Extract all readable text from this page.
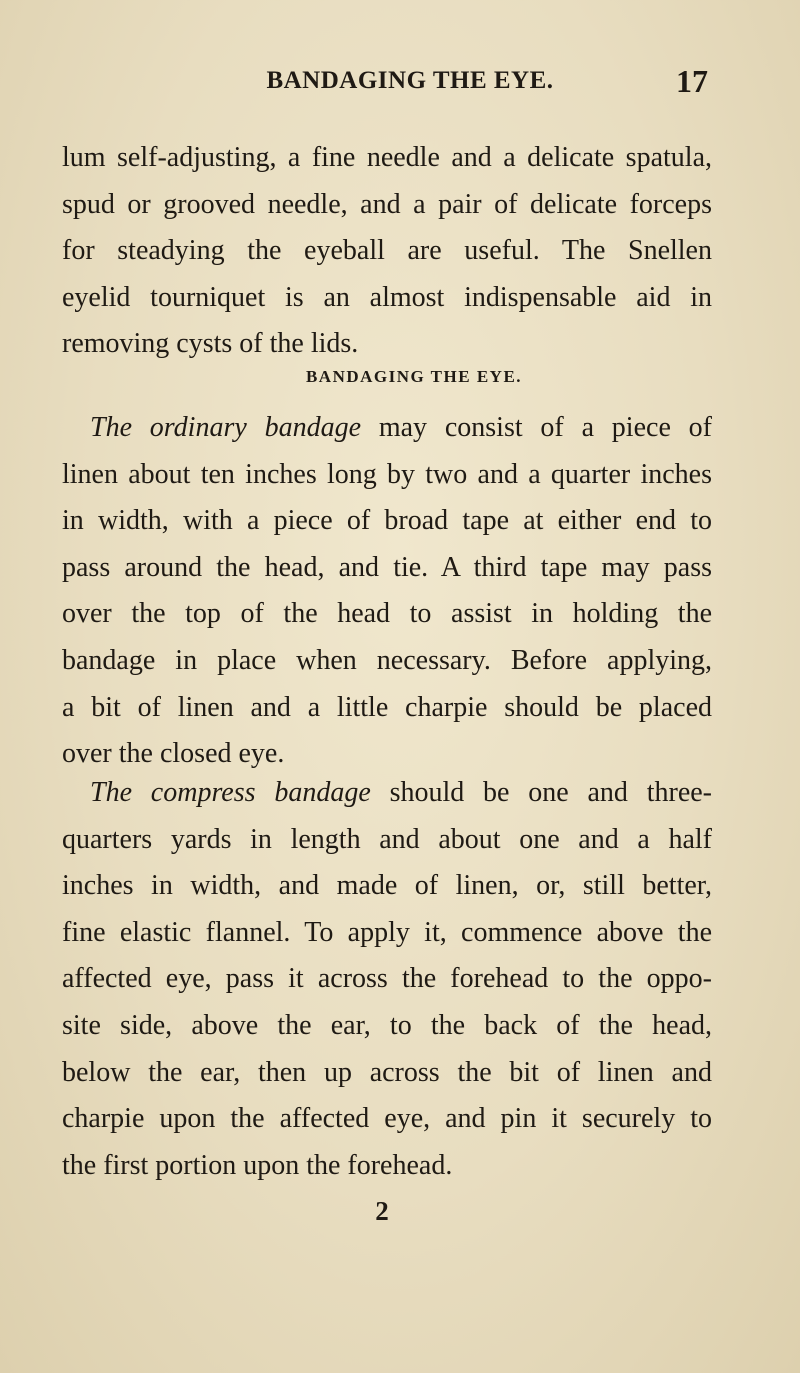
BANDAGING THE EYE.	17
lum self-adjusting, a fine needle and a delicate spatula,
spud or grooved needle, and a pair of delicate forceps
for steadying the eyeball are useful. The Snellen
eyelid tourniquet is an almost indispensable aid in
removing cysts of the lids.
BANDAGING THE EYE.
The ordinary bandage may consist of a piece of
linen about ten inches long by two and a quarter inches
in width, with a piece of broad tape at either end to
pass around the head, and tie. A third tape may pass
over the top of the head to assist in holding the
bandage in place when necessary. Before applying,
a bit of linen and a little charpie should be placed
over the closed eye.
The compress bandage should be one and three-
quarters yards in length and about one and a half
inches in width, and made of linen, or, still better,
fine elastic flannel. To apply it, commence above the
affected eye, pass it across the forehead to the oppo-
site side, above the ear, to the back of the head,
below the ear, then up across the bit of linen and
charpie upon the affected eye, and pin it securely to
the first portion upon the forehead.
2
